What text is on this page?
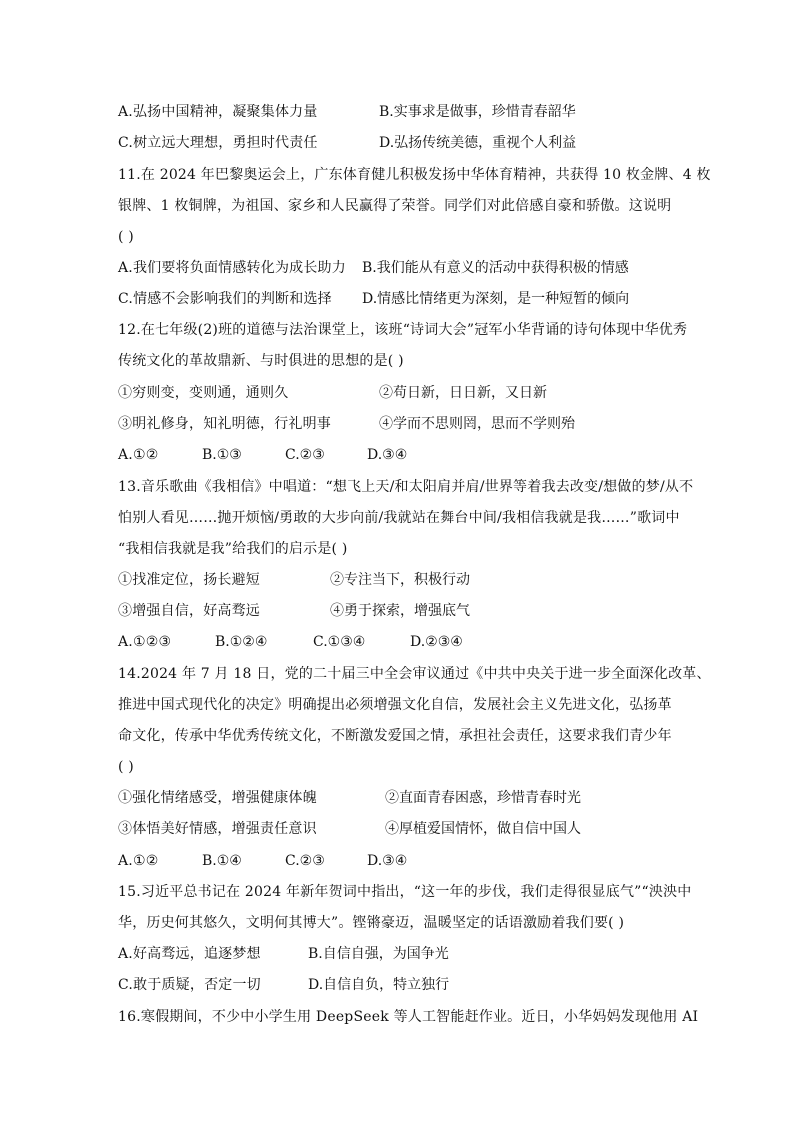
A.弘扬中国精神，凝聚集体力量	B.实事求是做事，珍惜青春韶华
C.树立远大理想，勇担时代责任	D.弘扬传统美德，重视个人利益
11.在 2024 年巴黎奥运会上，广东体育健儿积极发扬中华体育精神，共获得 10 枚金牌、4 枚
银牌、1 枚铜牌，为祖国、家乡和人民赢得了荣誉。同学们对此倍感自豪和骄傲。这说明
( )
A.我们要将负面情感转化为成长助力 B.我们能从有意义的活动中获得积极的情感
C.情感不会影响我们的判断和选择 D.情感比情绪更为深刻，是一种短暂的倾向
12.在七年级(2)班的道德与法治课堂上，该班“诗词大会”冠军小华背诵的诗句体现中华优秀
传统文化的革故鼎新、与时俱进的思想的是( )
①穷则变，变则通，通则久	②苟日新，日日新，又日新
③明礼修身，知礼明德，行礼明事	④学而不思则罔，思而不学则殆
A.①②	B.①③	C.②③	D.③④
13.音乐歌曲《我相信》中唱道：“想飞上天/和太阳肩并肩/世界等着我去改变/想做的梦/从不
怕别人看见……抛开烦恼/勇敢的大步向前/我就站在舞台中间/我相信我就是我……”歌词中
“我相信我就是我”给我们的启示是( )
①找准定位，扬长避短	②专注当下，积极行动
③增强自信，好高骛远	④勇于探索，增强底气
A.①②③	B.①②④	C.①③④	D.②③④
14.2024 年 7 月 18 日，党的二十届三中全会审议通过《中共中央关于进一步全面深化改革、
推进中国式现代化的决定》明确提出必须增强文化自信，发展社会主义先进文化，弘扬革
命文化，传承中华优秀传统文化，不断激发爱国之情，承担社会责任，这要求我们青少年
( )
①强化情绪感受，增强健康体魄	②直面青春困惑，珍惜青春时光
③体悟美好情感，增强责任意识	④厚植爱国情怀，做自信中国人
A.①②	B.①④	C.②③	D.③④
15.习近平总书记在 2024 年新年贺词中指出，“这一年的步伐，我们走得很显底气”“泱泱中
华，历史何其悠久，文明何其博大”。铿锵豪迈，温暖坚定的话语激励着我们要( )
A.好高骛远，追逐梦想	B.自信自强，为国争光
C.敢于质疑，否定一切	D.自信自负，特立独行
16.寒假期间，不少中小学生用 DeepSeek 等人工智能赶作业。近日，小华妈妈发现他用 AI
